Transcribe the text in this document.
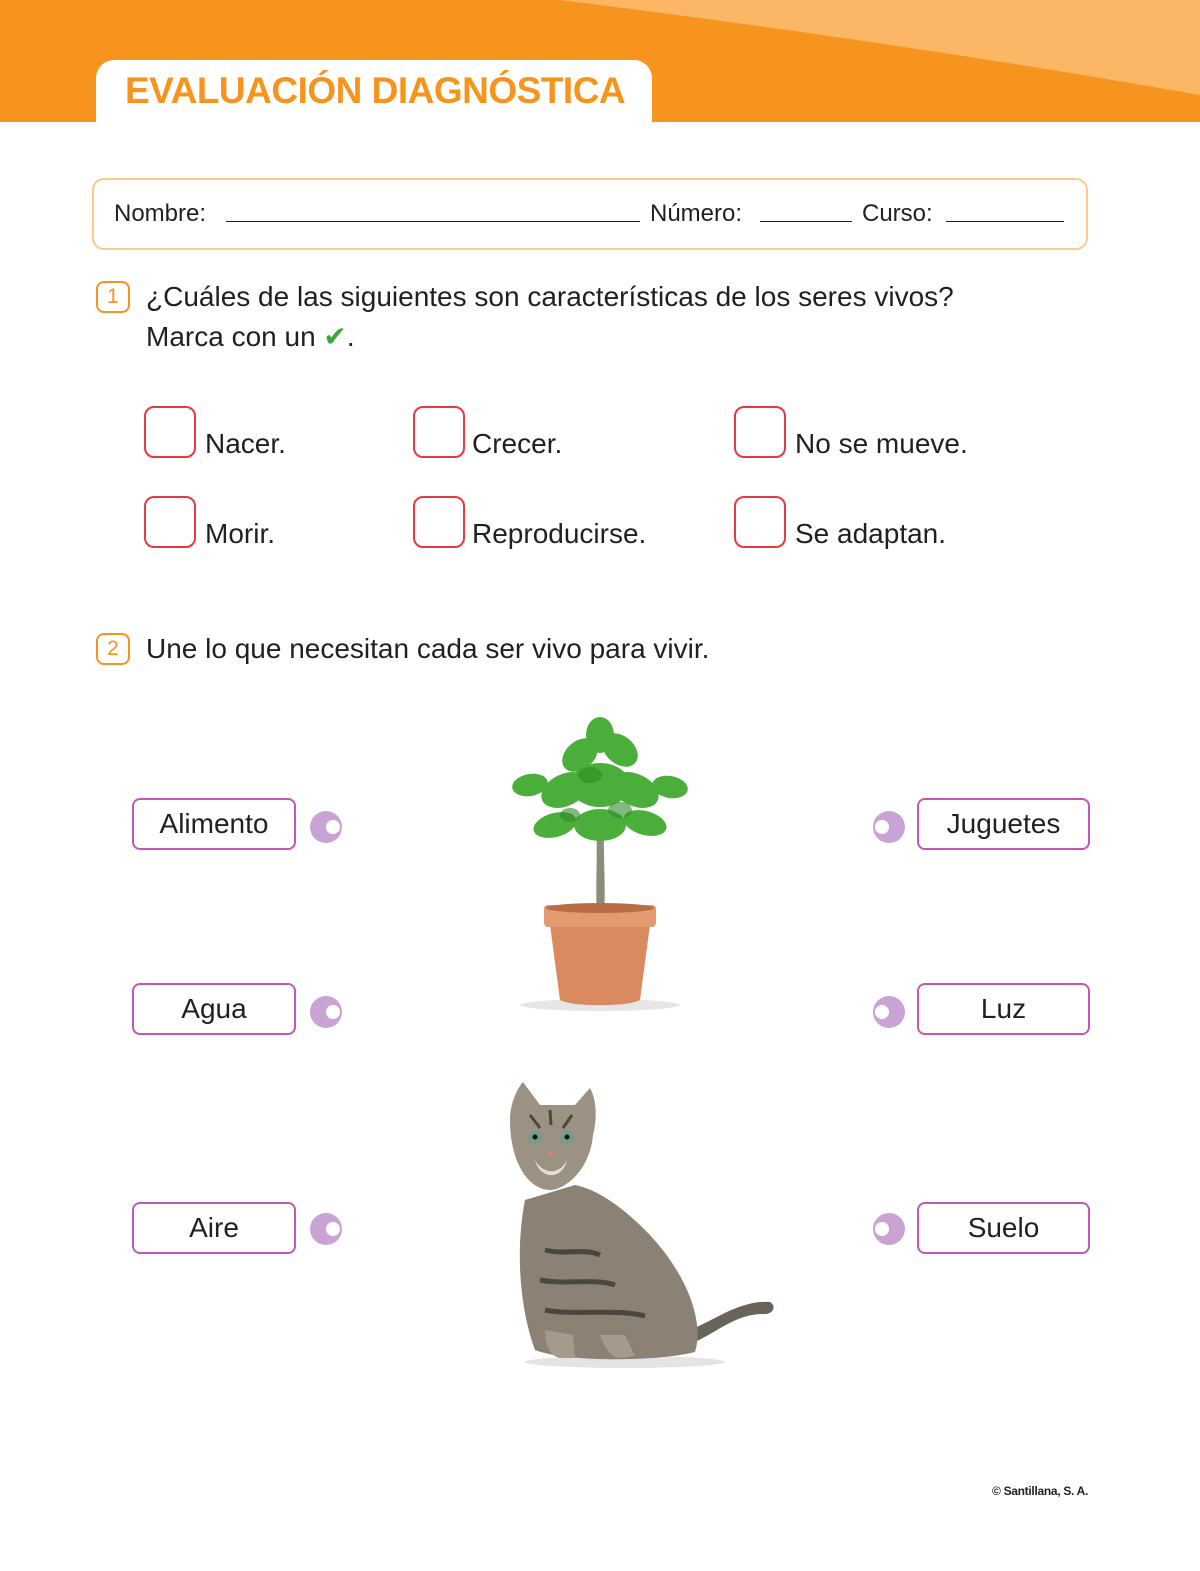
EVALUACIÓN DIAGNÓSTICA
Nombre:	Número:	Curso:
1 ¿Cuáles de las siguientes son características de los seres vivos?
Marca con un ✔.
Nacer.	Crecer.	No se mueve.
Morir.	Reproducirse.	Se adaptan.
2 Une lo que necesitan cada ser vivo para vivir.
Alimento
Agua
Aire
Juguetes
Luz
Suelo
© Santillana, S. A.
